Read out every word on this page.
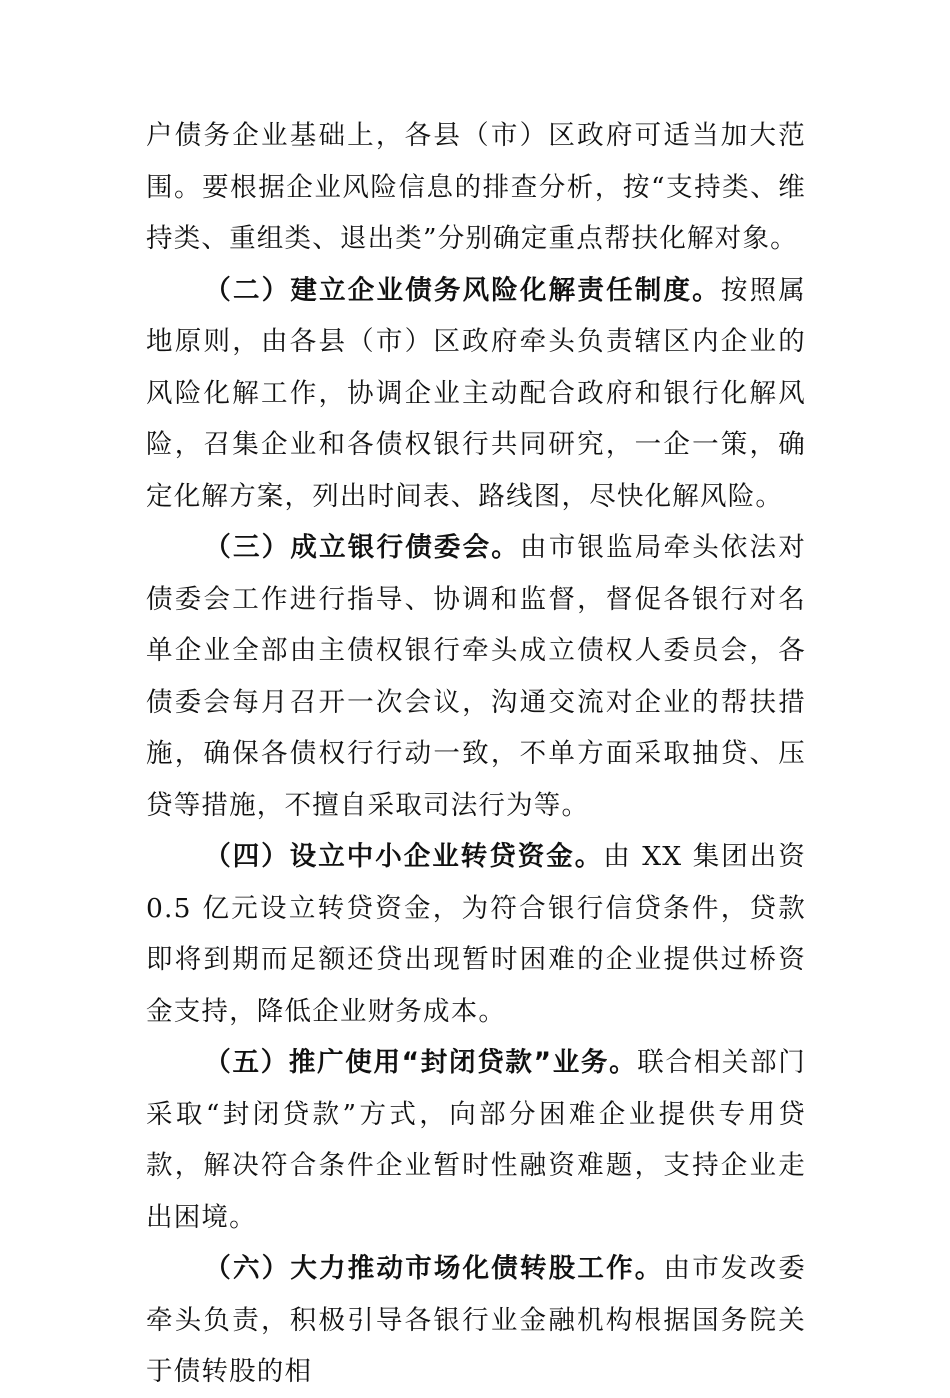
户债务企业基础上，各县（市）区政府可适当加大范围。要根据企业风险信息的排查分析，按“支持类、维持类、重组类、退出类”分别确定重点帮扶化解对象。

（二）建立企业债务风险化解责任制度。按照属地原则，由各县（市）区政府牵头负责辖区内企业的风险化解工作，协调企业主动配合政府和银行化解风险，召集企业和各债权银行共同研究，一企一策，确定化解方案，列出时间表、路线图，尽快化解风险。

（三）成立银行债委会。由市银监局牵头依法对债委会工作进行指导、协调和监督，督促各银行对名单企业全部由主债权银行牵头成立债权人委员会，各债委会每月召开一次会议，沟通交流对企业的帮扶措施，确保各债权行行动一致，不单方面采取抽贷、压贷等措施，不擅自采取司法行为等。

（四）设立中小企业转贷资金。由 XX 集团出资 0.5 亿元设立转贷资金，为符合银行信贷条件，贷款即将到期而足额还贷出现暂时困难的企业提供过桥资金支持，降低企业财务成本。

（五）推广使用“封闭贷款”业务。联合相关部门采取“封闭贷款”方式，向部分困难企业提供专用贷款，解决符合条件企业暂时性融资难题，支持企业走出困境。

（六）大力推动市场化债转股工作。由市发改委牵头负责，积极引导各银行业金融机构根据国务院关于债转股的相
